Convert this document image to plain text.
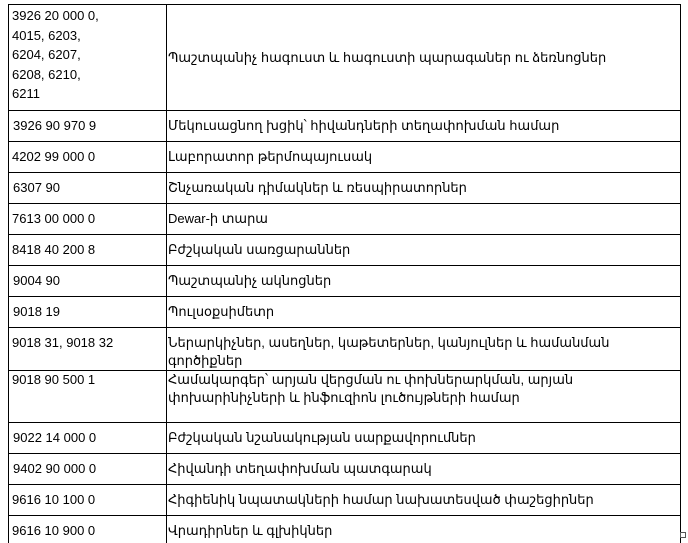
3926 20 000 0,
4015, 6203,
6204, 6207,
6208, 6210,
6211	Պաշտպանիչ հագուստ և հագուստի պարագաներ ու ձեռնոցներ

3926 90 970 9	Մեկուսացնող խցիկ՝ հիվանդների տեղափոխման համար

4202 99 000 0	Լաբորատոր թերմոպայուսակ

6307 90	Շնչառական դիմակներ և ռեսպիրատորներ

7613 00 000 0	Dewar-ի տարա

8418 40 200 8	Բժշկական սառցարաններ

9004 90	Պաշտպանիչ ակնոցներ

9018 19	Պուլսօքսիմետր

9018 31, 9018 32	Ներարկիչներ, ասեղներ, կաթետերներ, կանյուլներ և համանման գործիքներ

9018 90 500 1	Համակարգեր՝ արյան վերցման ու փոխներարկման, արյան փոխարինիչների և ինֆուզիոն լուծույթների համար

9022 14 000 0	Բժշկական նշանակության սարքավորումներ

9402 90 000 0	Հիվանդի տեղափոխման պատգարակ

9616 10 100 0	Հիգիենիկ նպատակների համար նախատեսված փաշեցիրներ

9616 10 900 0	Վրադիրներ և գլխիկներ
